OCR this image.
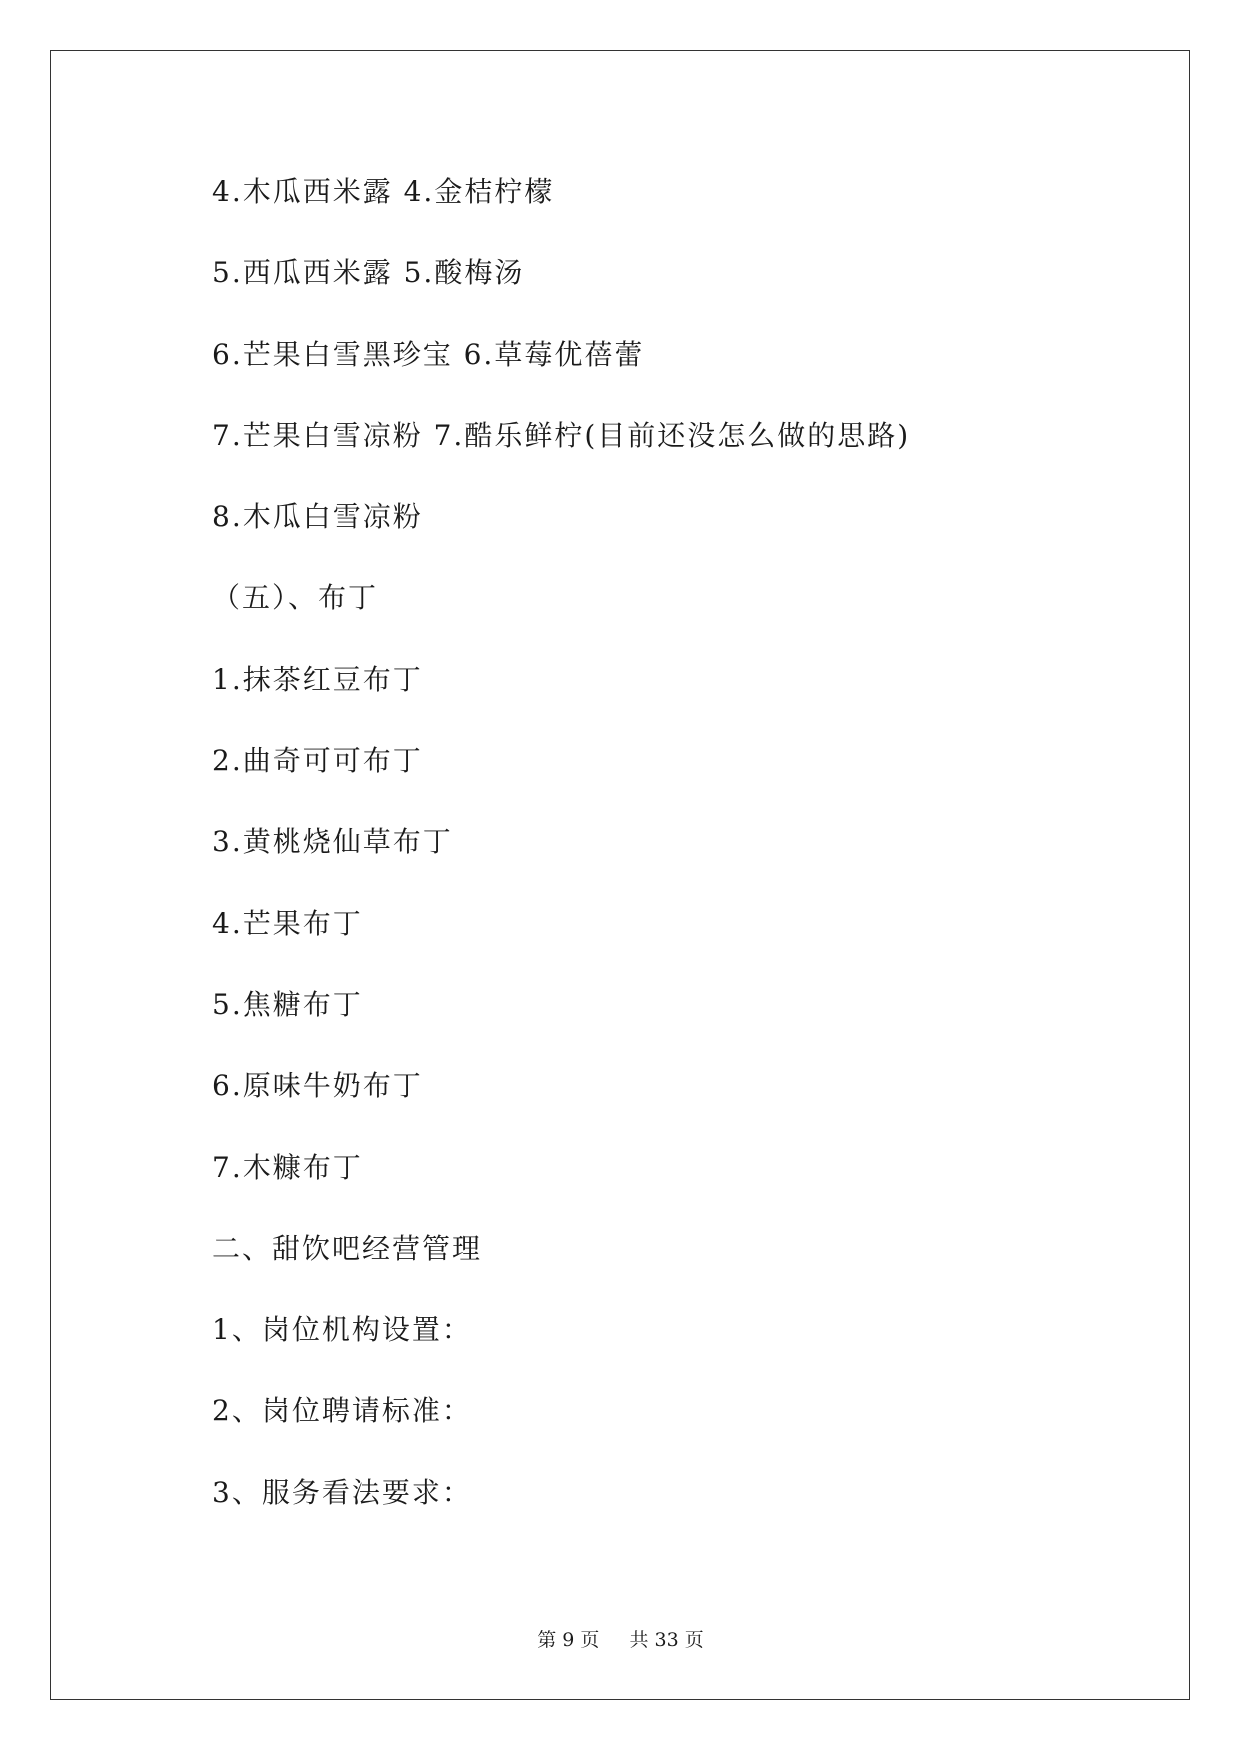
4.木瓜西米露 4.金桔柠檬
5.西瓜西米露 5.酸梅汤
6.芒果白雪黑珍宝 6.草莓优蓓蕾
7.芒果白雪凉粉 7.酷乐鲜柠(目前还没怎么做的思路)
8.木瓜白雪凉粉
（五）、布丁
1.抹茶红豆布丁
2.曲奇可可布丁
3.黄桃烧仙草布丁
4.芒果布丁
5.焦糖布丁
6.原味牛奶布丁
7.木糠布丁
二、甜饮吧经营管理
1、岗位机构设置：
2、岗位聘请标准：
3、服务看法要求：
第 9 页 共 33 页
